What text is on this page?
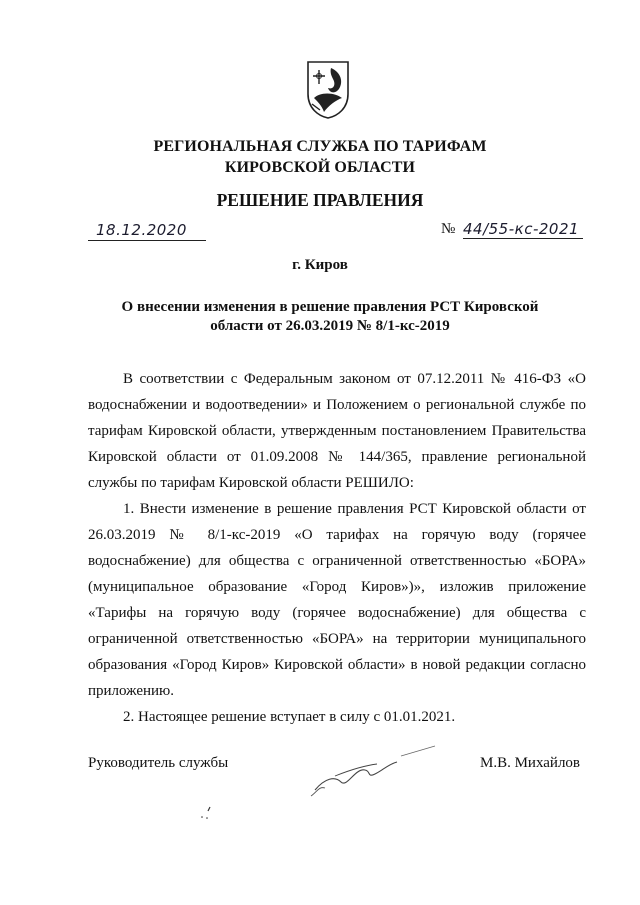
РЕГИОНАЛЬНАЯ СЛУЖБА ПО ТАРИФАМ
КИРОВСКОЙ ОБЛАСТИ
РЕШЕНИЕ ПРАВЛЕНИЯ
18.12.2020	№ 44/55-кс-2021
г. Киров
О внесении изменения в решение правления РСТ Кировской
области от 26.03.2019 № 8/1-кс-2019

В соответствии с Федеральным законом от 07.12.2011 № 416-ФЗ «О водоснабжении и водоотведении» и Положением о региональной службе по тарифам Кировской области, утвержденным постановлением Правительства Кировской области от 01.09.2008 № 144/365, правление региональной службы по тарифам Кировской области РЕШИЛО:

1. Внести изменение в решение правления РСТ Кировской области от 26.03.2019 № 8/1-кс-2019 «О тарифах на горячую воду (горячее водоснабжение) для общества с ограниченной ответственностью «БОРА» (муниципальное образование «Город Киров»)», изложив приложение «Тарифы на горячую воду (горячее водоснабжение) для общества с ограниченной ответственностью «БОРА» на территории муниципального образования «Город Киров» Кировской области» в новой редакции согласно приложению.

2. Настоящее решение вступает в силу с 01.01.2021.

Руководитель службы	М.В. Михайлов
